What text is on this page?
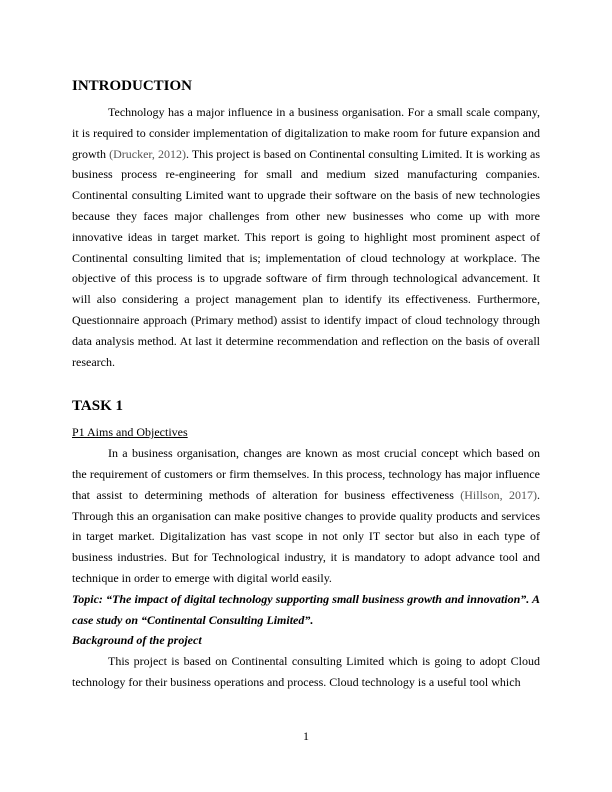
INTRODUCTION

Technology has a major influence in a business organisation. For a small scale company, it is required to consider implementation of digitalization to make room for future expansion and growth (Drucker, 2012). This project is based on Continental consulting Limited. It is working as business process re-engineering for small and medium sized manufacturing companies. Continental consulting Limited want to upgrade their software on the basis of new technologies because they faces major challenges from other new businesses who come up with more innovative ideas in target market. This report is going to highlight most prominent aspect of Continental consulting limited that is; implementation of cloud technology at workplace. The objective of this process is to upgrade software of firm through technological advancement. It will also considering a project management plan to identify its effectiveness. Furthermore, Questionnaire approach (Primary method) assist to identify impact of cloud technology through data analysis method. At last it determine recommendation and reflection on the basis of overall research.

TASK 1

P1 Aims and Objectives

In a business organisation, changes are known as most crucial concept which based on the requirement of customers or firm themselves. In this process, technology has major influence that assist to determining methods of alteration for business effectiveness (Hillson, 2017). Through this an organisation can make positive changes to provide quality products and services in target market. Digitalization has vast scope in not only IT sector but also in each type of business industries. But for Technological industry, it is mandatory to adopt advance tool and technique in order to emerge with digital world easily.

Topic: “The impact of digital technology supporting small business growth and innovation”. A case study on “Continental Consulting Limited”.

Background of the project

This project is based on Continental consulting Limited which is going to adopt Cloud technology for their business operations and process. Cloud technology is a useful tool which

1
